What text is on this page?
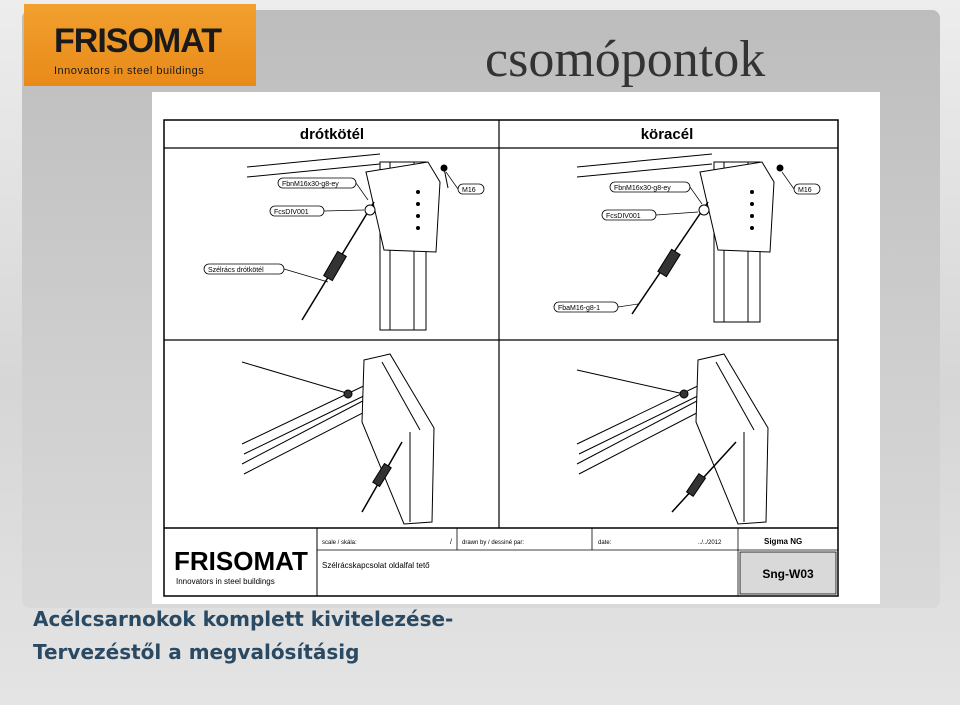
FRISOMAT
Innovators in steel buildings	csomópontok
drótkötél	köracél
FbnM16x30-g8-ey
FcsDIV001
Szélrács drótkötél
M16	FbnM16x30-g8-ey
FcsDIV001
FbaM16-g8-1
M16
FRISOMAT
Innovators in steel buildings
scale / skála:	/ drawn by / dessiné par:	date:	../../2012	Sigma NG
Szélrácskapcsolat oldalfal tető
Sng-W03
Acélcsarnokok komplett kivitelezése-
Tervezéstől a megvalósításig
